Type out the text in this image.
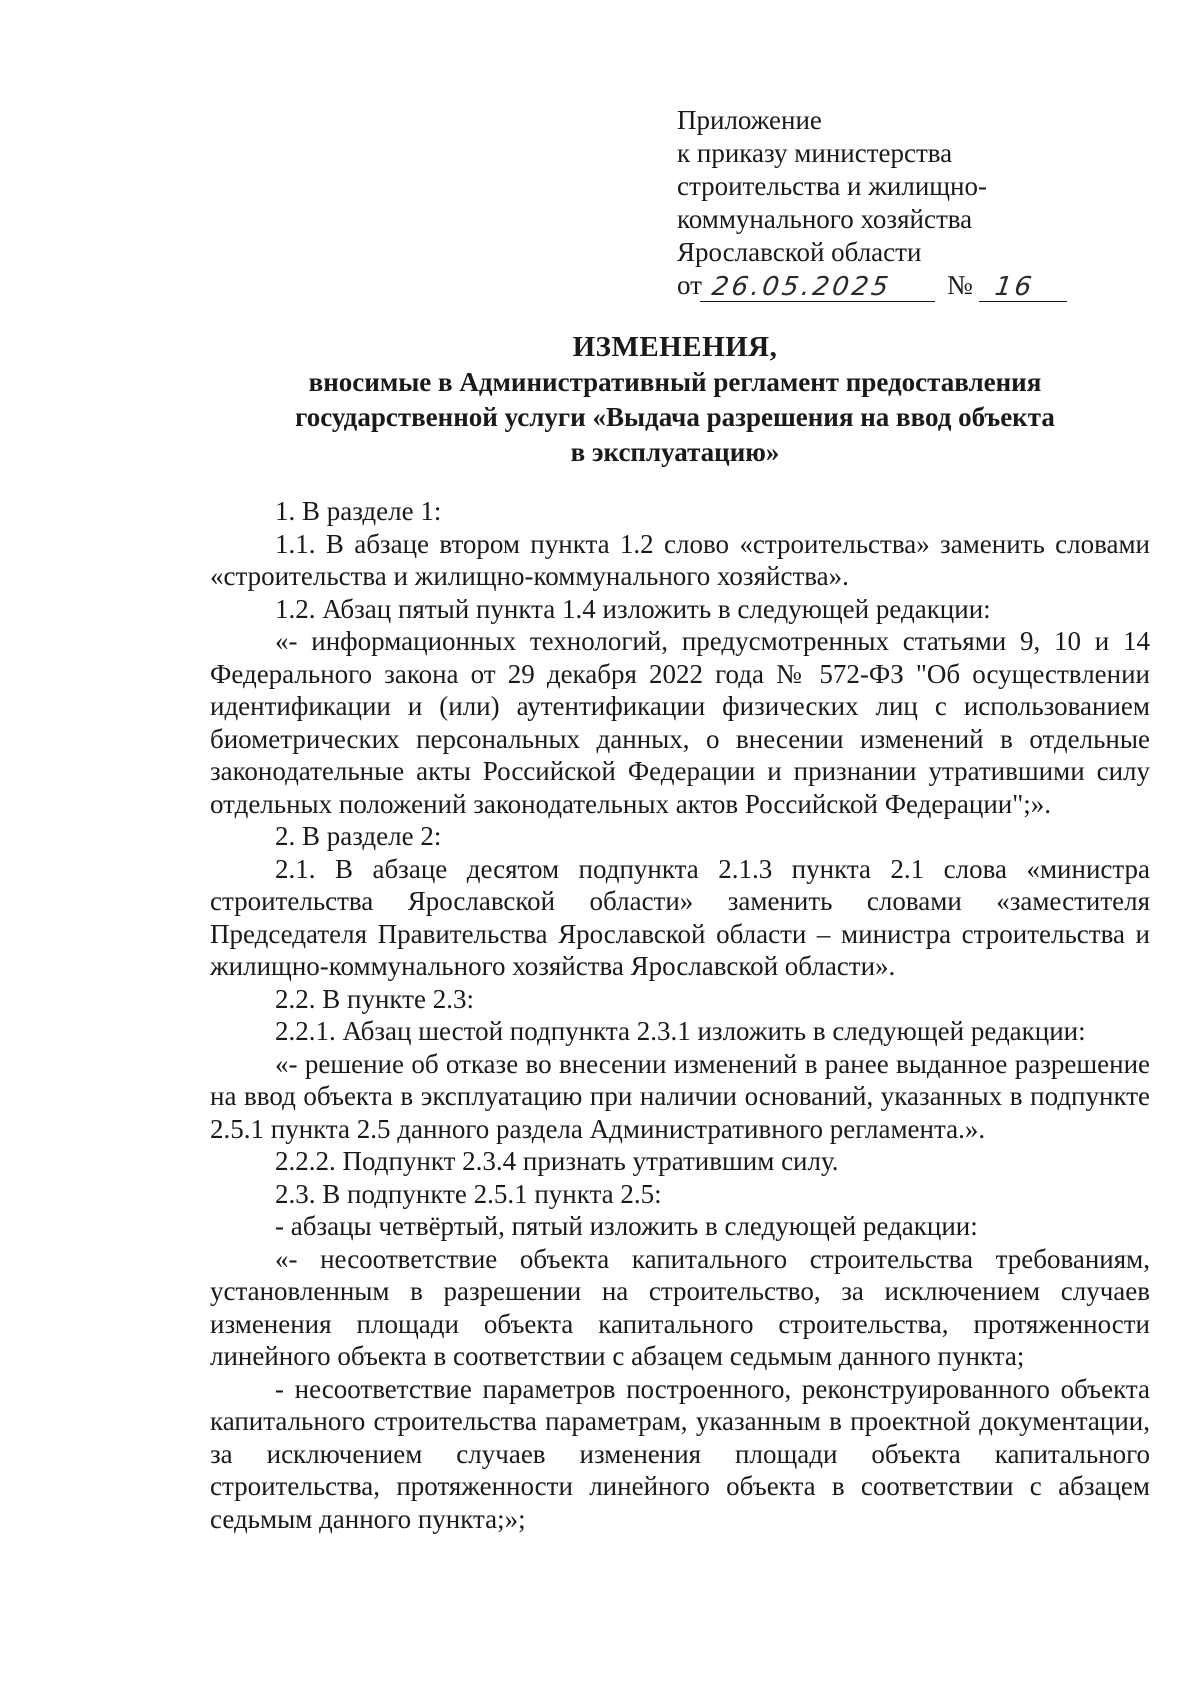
Приложение
к приказу министерства
строительства и жилищно-
коммунального хозяйства
Ярославской области
от 26.05.2025	№ 16
ИЗМЕНЕНИЯ,
вносимые в Административный регламент предоставления
государственной услуги «Выдача разрешения на ввод объекта
в эксплуатацию»

1. В разделе 1:

1.1. В абзаце втором пункта 1.2 слово «строительства» заменить словами «строительства и жилищно-коммунального хозяйства».

1.2. Абзац пятый пункта 1.4 изложить в следующей редакции:

«- информационных технологий, предусмотренных статьями 9, 10 и 14 Федерального закона от 29 декабря 2022 года № 572-ФЗ "Об осуществлении идентификации и (или) аутентификации физических лиц с использованием биометрических персональных данных, о внесении изменений в отдельные законодательные акты Российской Федерации и признании утратившими силу отдельных положений законодательных актов Российской Федерации";».

2. В разделе 2:

2.1. В абзаце десятом подпункта 2.1.3 пункта 2.1 слова «министра строительства Ярославской области» заменить словами «заместителя Председателя Правительства Ярославской области – министра строительства и жилищно-коммунального хозяйства Ярославской области».

2.2. В пункте 2.3:

2.2.1. Абзац шестой подпункта 2.3.1 изложить в следующей редакции:

«- решение об отказе во внесении изменений в ранее выданное разрешение на ввод объекта в эксплуатацию при наличии оснований, указанных в подпункте 2.5.1 пункта 2.5 данного раздела Административного регламента.».

2.2.2. Подпункт 2.3.4 признать утратившим силу.

2.3. В подпункте 2.5.1 пункта 2.5:

- абзацы четвёртый, пятый изложить в следующей редакции:

«- несоответствие объекта капитального строительства требованиям, установленным в разрешении на строительство, за исключением случаев изменения площади объекта капитального строительства, протяженности линейного объекта в соответствии с абзацем седьмым данного пункта;

- несоответствие параметров построенного, реконструированного объекта капитального строительства параметрам, указанным в проектной документации, за исключением случаев изменения площади объекта капитального строительства, протяженности линейного объекта в соответствии с абзацем седьмым данного пункта;»;
